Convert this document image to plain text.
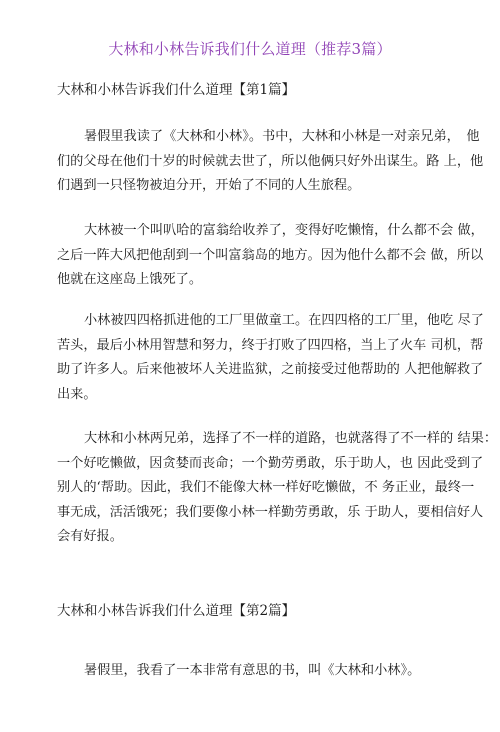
大林和小林告诉我们什么道理（推荐3篇）
大林和小林告诉我们什么道理【第1篇】
暑假里我读了《大林和小林》。书中，大林和小林是一对亲兄弟，　他
们的父母在他们十岁的时候就去世了，所以他俩只好外出谋生。路 上，他
们遇到一只怪物被迫分开，开始了不同的人生旅程。
大林被一个叫叭哈的富翁给收养了，变得好吃懒惰，什么都不会 做，
之后一阵大风把他刮到一个叫富翁岛的地方。因为他什么都不会 做，所以
他就在这座岛上饿死了。
小林被四四格抓进他的工厂里做童工。在四四格的工厂里，他吃 尽了
苦头，最后小林用智慧和努力，终于打败了四四格，当上了火车 司机，帮
助了许多人。后来他被坏人关进监狱，之前接受过他帮助的 人把他解救了
出来。
大林和小林两兄弟，选择了不一样的道路，也就落得了不一样的 结果：
一个好吃懒做，因贪婪而丧命；一个勤劳勇敢，乐于助人，也 因此受到了
别人的‘帮助。因此，我们不能像大林一样好吃懒做，不 务正业，最终一
事无成，活活饿死；我们要像小林一样勤劳勇敢，乐 于助人，要相信好人
会有好报。
大林和小林告诉我们什么道理【第2篇】
暑假里，我看了一本非常有意思的书，叫《大林和小林》。
